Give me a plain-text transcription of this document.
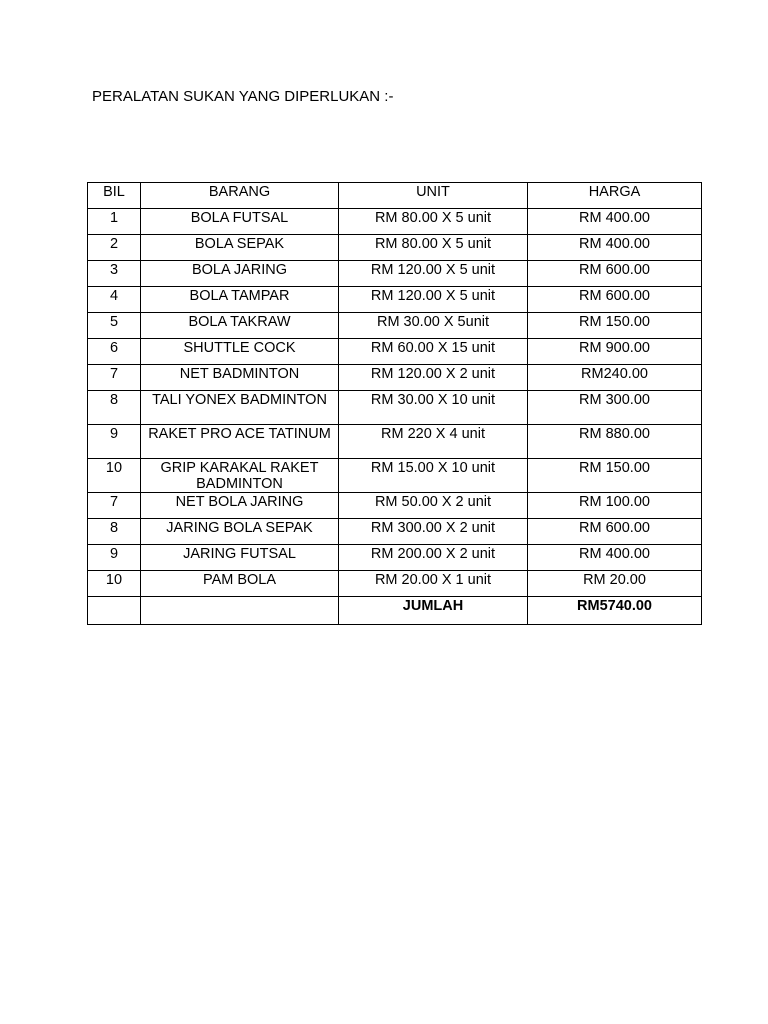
PERALATAN SUKAN YANG DIPERLUKAN :-
BIL	BARANG	UNIT	HARGA
1	BOLA FUTSAL	RM 80.00 X 5 unit	RM 400.00
2	BOLA SEPAK	RM 80.00 X 5 unit	RM 400.00
3	BOLA JARING	RM 120.00 X 5 unit	RM 600.00
4	BOLA TAMPAR	RM 120.00 X 5 unit	RM 600.00
5	BOLA TAKRAW	RM 30.00 X 5unit	RM 150.00
6	SHUTTLE COCK	RM 60.00 X 15 unit	RM 900.00
7	NET BADMINTON	RM 120.00 X 2 unit	RM240.00
8	TALI YONEX BADMINTON	RM 30.00 X 10 unit	RM 300.00
9	RAKET PRO ACE TATINUM	RM 220 X 4 unit	RM 880.00
10	GRIP KARAKAL RAKET BADMINTON	RM 15.00 X 10 unit	RM 150.00
7	NET BOLA JARING	RM 50.00 X 2 unit	RM 100.00
8	JARING BOLA SEPAK	RM 300.00 X 2 unit	RM 600.00
9	JARING FUTSAL	RM 200.00 X 2 unit	RM 400.00
10	PAM BOLA	RM 20.00 X 1 unit	RM 20.00
		JUMLAH	RM5740.00
